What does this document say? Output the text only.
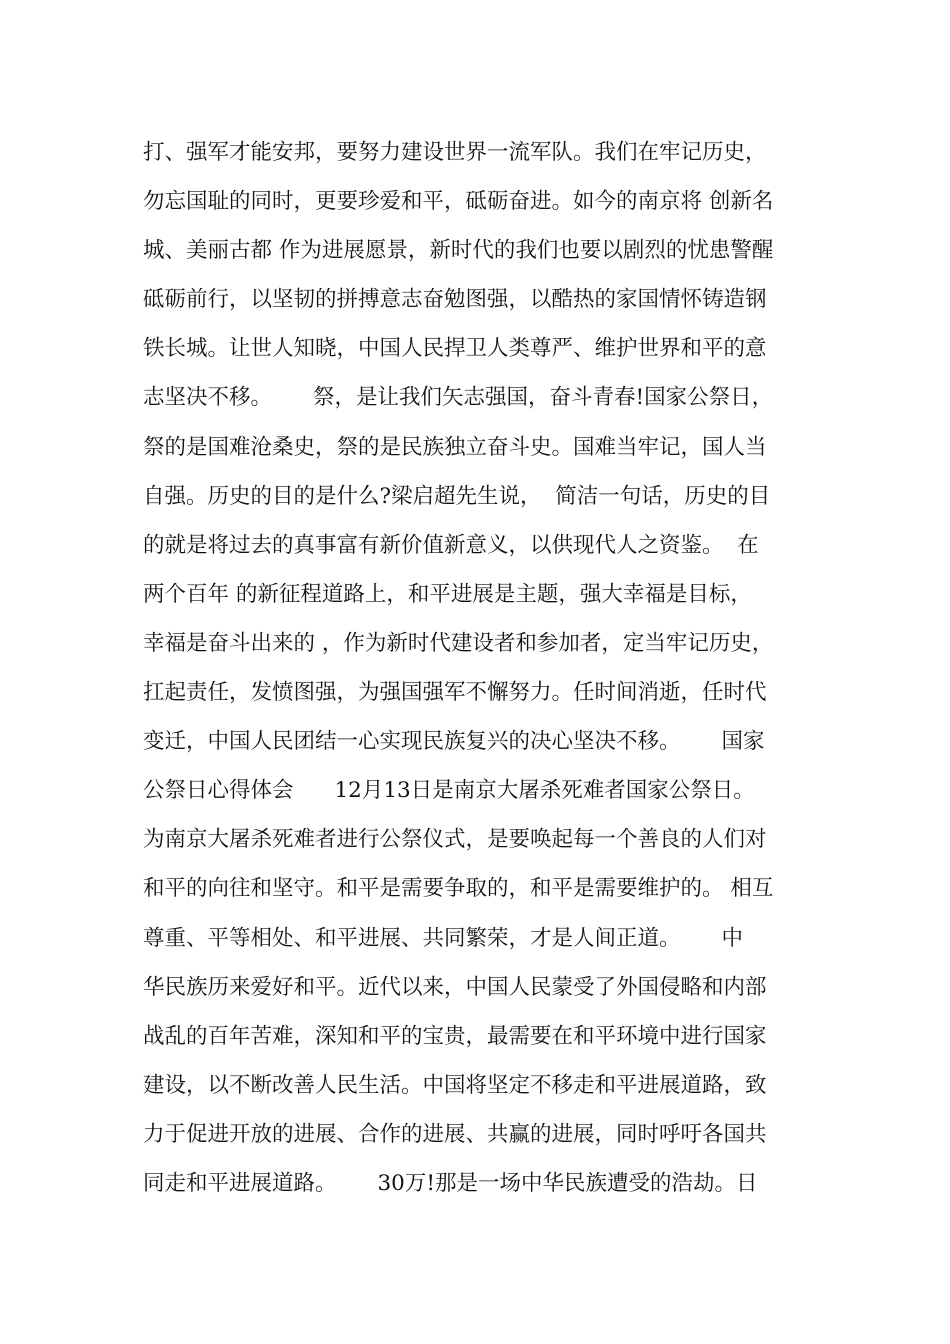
打、强军才能安邦，要努力建设世界一流军队。我们在牢记历史，
勿忘国耻的同时，更要珍爱和平，砥砺奋进。如今的南京将 创新名
城、美丽古都 作为进展愿景，新时代的我们也要以剧烈的忧患警醒
砥砺前行，以坚韧的拼搏意志奋勉图强，以酷热的家国情怀铸造钢
铁长城。让世人知晓，中国人民捍卫人类尊严、维护世界和平的意
志坚决不移。      祭，是让我们矢志强国，奋斗青春!国家公祭日，
祭的是国难沧桑史，祭的是民族独立奋斗史。国难当牢记，国人当
自强。历史的目的是什么?梁启超先生说，  简洁一句话，历史的目
的就是将过去的真事富有新价值新意义，以供现代人之资鉴。  在
两个百年 的新征程道路上，和平进展是主题，强大幸福是目标，
幸福是奋斗出来的 ，作为新时代建设者和参加者，定当牢记历史，
扛起责任，发愤图强，为强国强军不懈努力。任时间消逝，任时代
变迁，中国人民团结一心实现民族复兴的决心坚决不移。      国家
公祭日心得体会      12月13日是南京大屠杀死难者国家公祭日。
为南京大屠杀死难者进行公祭仪式，是要唤起每一个善良的人们对
和平的向往和坚守。和平是需要争取的，和平是需要维护的。 相互
尊重、平等相处、和平进展、共同繁荣，才是人间正道。      中
华民族历来爱好和平。近代以来，中国人民蒙受了外国侵略和内部
战乱的百年苦难，深知和平的宝贵，最需要在和平环境中进行国家
建设，以不断改善人民生活。中国将坚定不移走和平进展道路，致
力于促进开放的进展、合作的进展、共赢的进展，同时呼吁各国共
同走和平进展道路。      30万!那是一场中华民族遭受的浩劫。日
